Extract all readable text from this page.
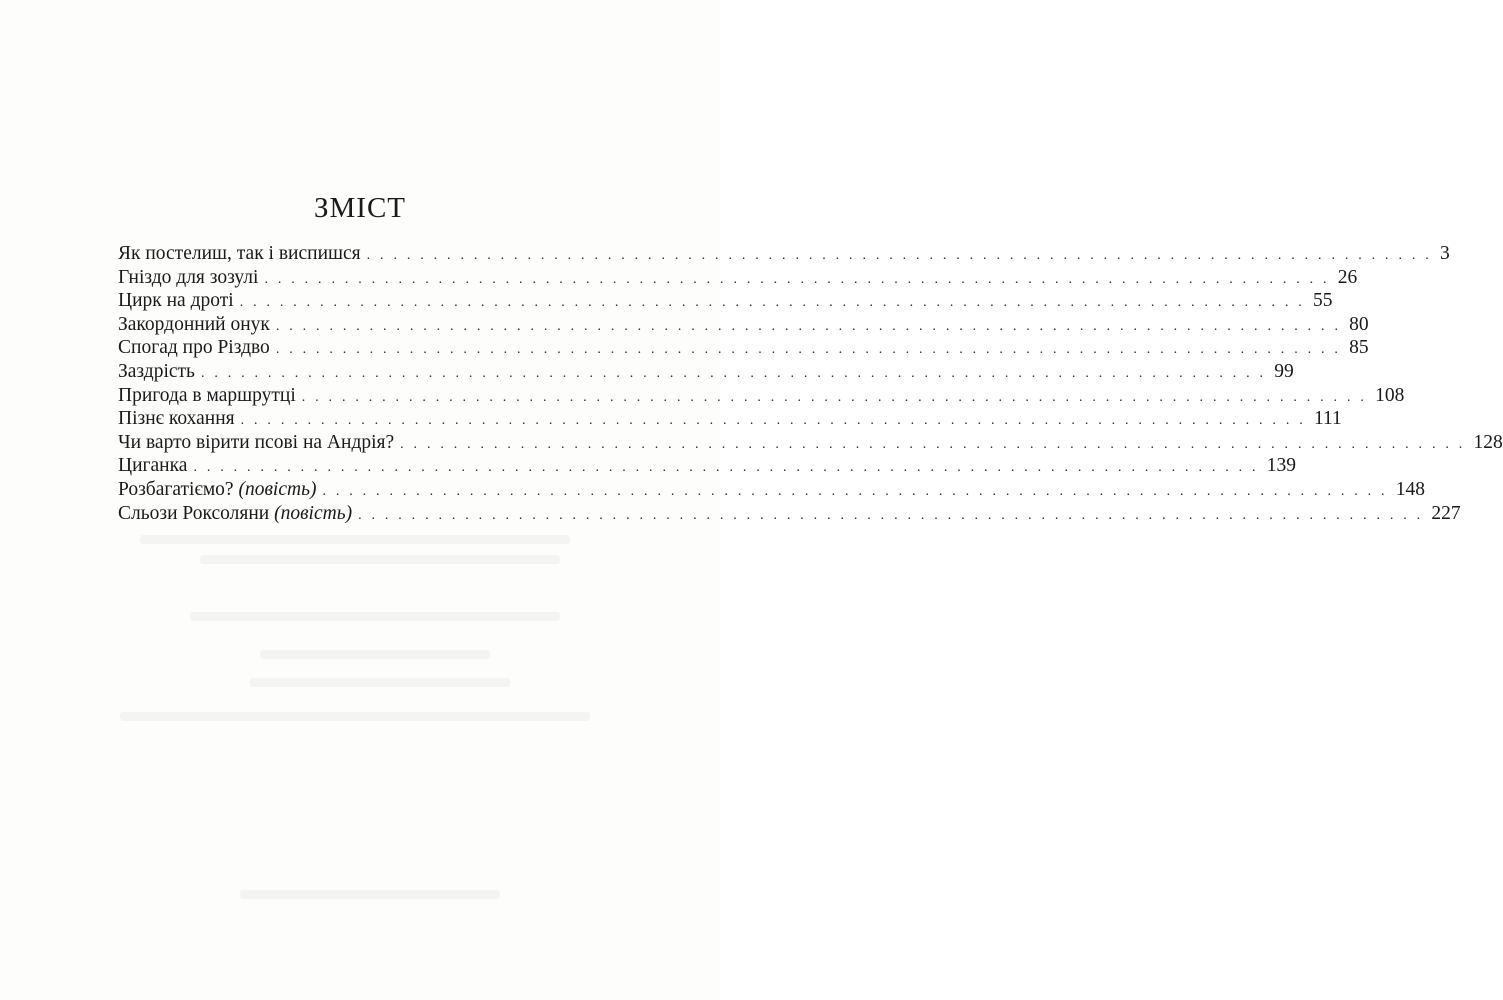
ЗМІСТ
Як постелиш, так і виспишся . . . . . . . . . . . . . . . . . . . . . . . . . . . . . . . . . . . . . . . . . . . . . . . . . . . . . . . . . . . . . . . . . . . . . . . . . . . . . . . . 3
Гніздо для зозулі . . . . . . . . . . . . . . . . . . . . . . . . . . . . . . . . . . . . . . . . . . . . . . . . . . . . . . . . . . . . . . . . . . . . . . . . . . . . . . . . 26
Цирк на дроті . . . . . . . . . . . . . . . . . . . . . . . . . . . . . . . . . . . . . . . . . . . . . . . . . . . . . . . . . . . . . . . . . . . . . . . . . . . . . . . . 55
Закордонний онук . . . . . . . . . . . . . . . . . . . . . . . . . . . . . . . . . . . . . . . . . . . . . . . . . . . . . . . . . . . . . . . . . . . . . . . . . . . . . . . . 80
Спогад про Різдво . . . . . . . . . . . . . . . . . . . . . . . . . . . . . . . . . . . . . . . . . . . . . . . . . . . . . . . . . . . . . . . . . . . . . . . . . . . . . . . . 85
Заздрість . . . . . . . . . . . . . . . . . . . . . . . . . . . . . . . . . . . . . . . . . . . . . . . . . . . . . . . . . . . . . . . . . . . . . . . . . . . . . . . . 99
Пригода в маршрутці . . . . . . . . . . . . . . . . . . . . . . . . . . . . . . . . . . . . . . . . . . . . . . . . . . . . . . . . . . . . . . . . . . . . . . . . . . . . . . . . 108
Пізнє кохання . . . . . . . . . . . . . . . . . . . . . . . . . . . . . . . . . . . . . . . . . . . . . . . . . . . . . . . . . . . . . . . . . . . . . . . . . . . . . . . . 111
Чи варто вірити псові на Андрія? . . . . . . . . . . . . . . . . . . . . . . . . . . . . . . . . . . . . . . . . . . . . . . . . . . . . . . . . . . . . . . . . . . . . . . . . . . . . . . . . 128
Циганка . . . . . . . . . . . . . . . . . . . . . . . . . . . . . . . . . . . . . . . . . . . . . . . . . . . . . . . . . . . . . . . . . . . . . . . . . . . . . . . . 139
Розбагатіємо? (повість) . . . . . . . . . . . . . . . . . . . . . . . . . . . . . . . . . . . . . . . . . . . . . . . . . . . . . . . . . . . . . . . . . . . . . . . . . . . . . . . . 148
Сльози Роксоляни (повість) . . . . . . . . . . . . . . . . . . . . . . . . . . . . . . . . . . . . . . . . . . . . . . . . . . . . . . . . . . . . . . . . . . . . . . . . . . . . . . . . 227
